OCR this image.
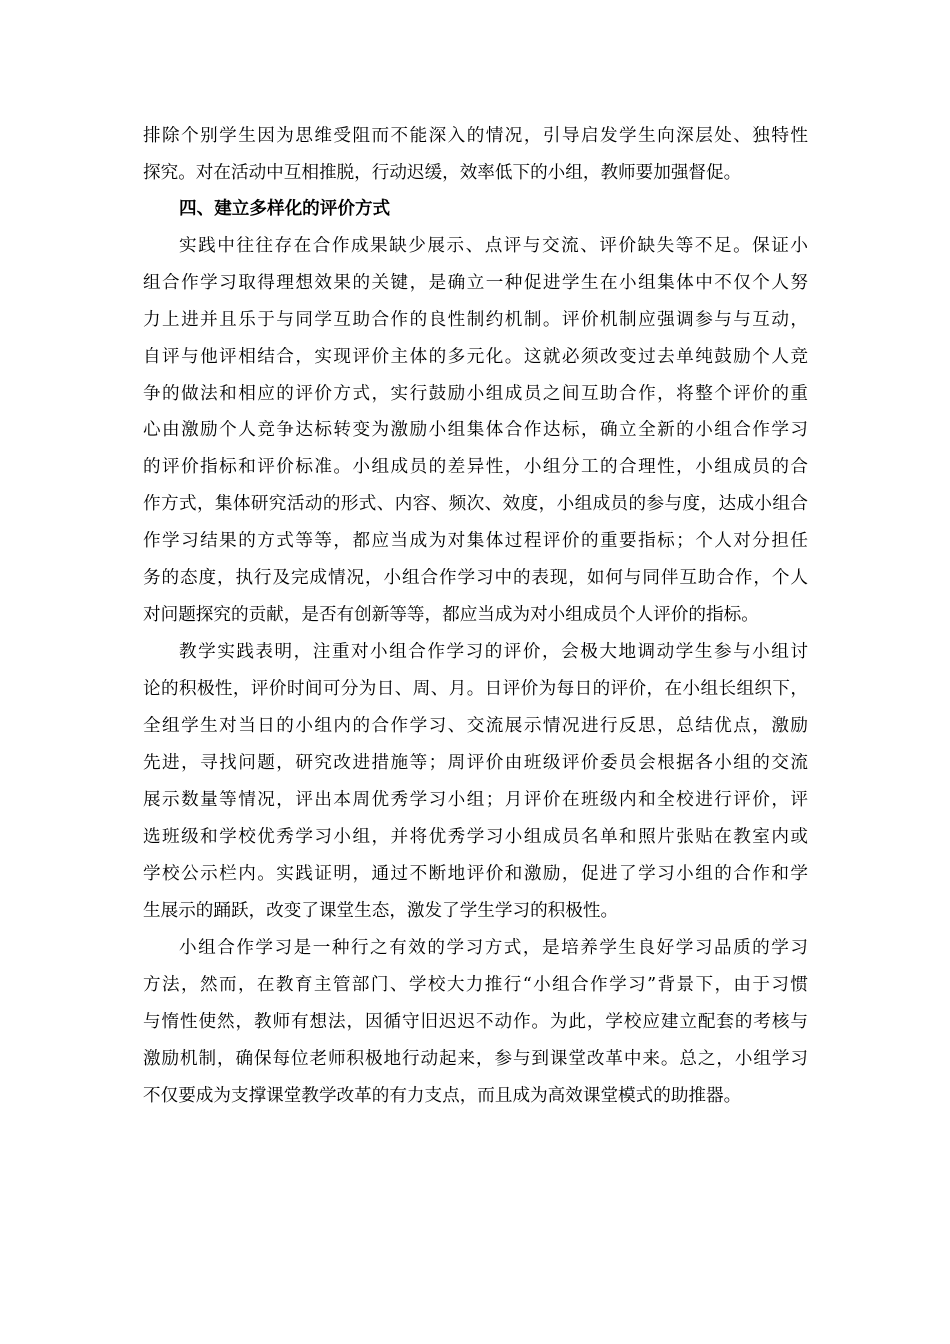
排除个别学生因为思维受阻而不能深入的情况，引导启发学生向深层处、独特性
探究。对在活动中互相推脱，行动迟缓，效率低下的小组，教师要加强督促。
四、建立多样化的评价方式
实践中往往存在合作成果缺少展示、点评与交流、评价缺失等不足。保证小
组合作学习取得理想效果的关键，是确立一种促进学生在小组集体中不仅个人努
力上进并且乐于与同学互助合作的良性制约机制。评价机制应强调参与与互动，
自评与他评相结合，实现评价主体的多元化。这就必须改变过去单纯鼓励个人竞
争的做法和相应的评价方式，实行鼓励小组成员之间互助合作，将整个评价的重
心由激励个人竞争达标转变为激励小组集体合作达标，确立全新的小组合作学习
的评价指标和评价标准。小组成员的差异性，小组分工的合理性，小组成员的合
作方式，集体研究活动的形式、内容、频次、效度，小组成员的参与度，达成小组合
作学习结果的方式等等，都应当成为对集体过程评价的重要指标；个人对分担任
务的态度，执行及完成情况，小组合作学习中的表现，如何与同伴互助合作，个人
对问题探究的贡献，是否有创新等等，都应当成为对小组成员个人评价的指标。
教学实践表明，注重对小组合作学习的评价，会极大地调动学生参与小组讨
论的积极性，评价时间可分为日、周、月。日评价为每日的评价，在小组长组织下，
全组学生对当日的小组内的合作学习、交流展示情况进行反思，总结优点，激励
先进，寻找问题，研究改进措施等；周评价由班级评价委员会根据各小组的交流
展示数量等情况，评出本周优秀学习小组；月评价在班级内和全校进行评价，评
选班级和学校优秀学习小组，并将优秀学习小组成员名单和照片张贴在教室内或
学校公示栏内。实践证明，通过不断地评价和激励，促进了学习小组的合作和学
生展示的踊跃，改变了课堂生态，激发了学生学习的积极性。
小组合作学习是一种行之有效的学习方式，是培养学生良好学习品质的学习
方法，然而，在教育主管部门、学校大力推行“小组合作学习”背景下，由于习惯
与惰性使然，教师有想法，因循守旧迟迟不动作。为此，学校应建立配套的考核与
激励机制，确保每位老师积极地行动起来，参与到课堂改革中来。总之，小组学习
不仅要成为支撑课堂教学改革的有力支点，而且成为高效课堂模式的助推器。
